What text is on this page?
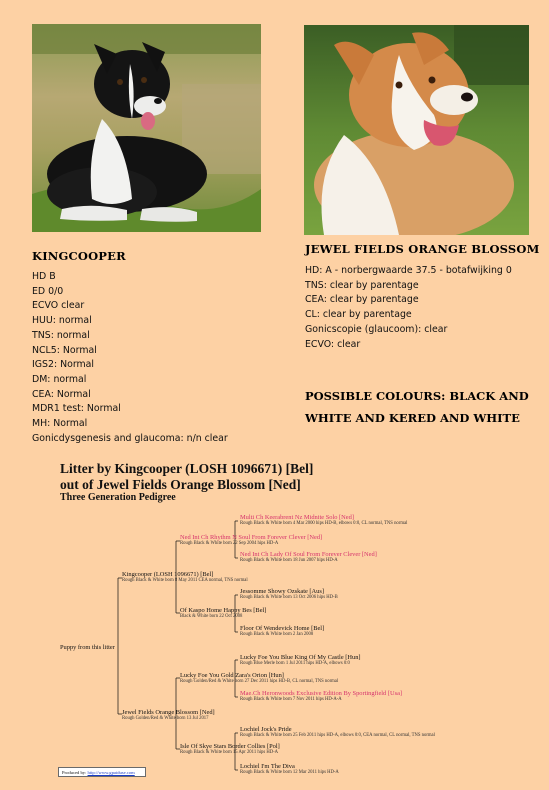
KINGCOOPER	JEWEL FIELDS ORANGE BLOSSOM
HD B
ED 0/0
ECVO clear
HUU: normal
TNS: normal
NCL5: Normal
IGS2: Normal
DM: normal
CEA: Normal
MDR1 test: Normal
MH: Normal
Gonicdysgenesis and glaucoma: n/n clear
HD: A - norbergwaarde 37.5 - botafwijking 0
TNS: clear by parentage
CEA: clear by parentage
CL: clear by parentage
Gonicscopie (glaucoom): clear
ECVO: clear
POSSIBLE COLOURS: BLACK AND WHITE AND KERED AND WHITE
Litter by Kingcooper (LOSH 1096671) [Bel]
out of Jewel Fields Orange Blossom [Ned]
Three Generation Pedigree
Puppy from this litter
Kingcooper (LOSH 1096671) [Bel]
Rough Black & White born 8 May 2011 CEA normal, TNS normal
Jewel Fields Orange Blossom [Ned]
Rough Golden/Red & White born 13 Jul 2017
Ned Int Ch Rhythm N Soul From Forever Clever [Ned]
Rough Black & White born 22 Sep 2004 hips HD-A
Of Kaspo Home Happy Bes [Bel]
Black & White born 22 Oct 2008
Lucky Foe You Gold Zara's Orion [Hun]
Rough Golden/Red & White born 27 Dec 2011 hips HD-B, CL normal, TNS normal
Isle Of Skye Stars Border Collies [Pol]
Rough Black & White born 15 Apr 2011 hips HD-A
Multi Ch Keerabrent Nz Midnite Solo [Ned]
Rough Black & White born 4 Mar 2000 hips HD-B, elbows 0:0, CL normal, TNS normal
Ned Int Ch Lady Of Soul From Forever Clever [Ned]
Rough Black & White born 18 Jun 2007 hips HD-A
Jessomme Showy Ozskate [Aus]
Rough Black & White born 13 Oct 2006 hips HD-B
Floor Of Wendevick Home [Bel]
Rough Black & White born 2 Jan 2008
Lucky Foe You Blue King Of My Castle [Hun]
Rough Blue Merle born 1 Jul 2011 hips HD-A, elbows 0:0
Mae.Ch Heronwoods Exclusive Edition By Sportingfield [Usa]
Rough Black & White born 7 Nov 2011 hips HD-A-A
Lochiel Jock's Pride
Rough Black & White born 25 Feb 2011 hips HD-A, elbows 0:0, CEA normal, CL normal, TNS normal
Lochiel I'm The Diva
Rough Black & White born 12 Mar 2011 hips HD-A
Produced by: http://www.gpaiduse.com
